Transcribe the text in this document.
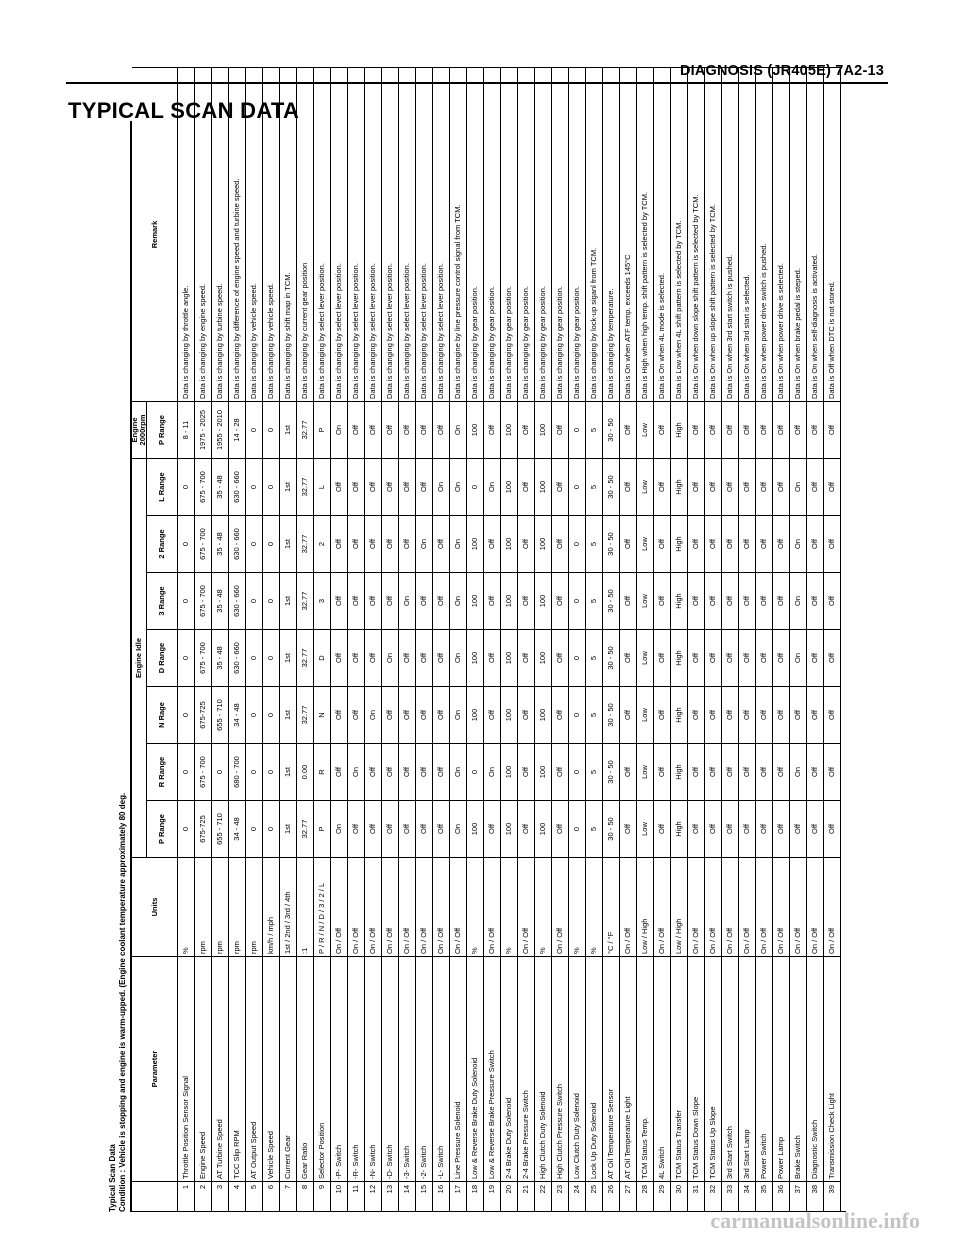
DIAGNOSIS (JR405E) 7A2-13
TYPICAL SCAN DATA
Typical Scan Data Condition : Vehicle is stopping and engine is warm-upped. (Engine coolant temperature approximately 80 deg.	Parameter
Units
Engine Idle
Engine 2000rpm
Remark
P Range
R Range
N Rage
D Range
3 Range
2 Range
L Range
P Range
1
Throttle Position Sensor Signal
%
0
0
0
0
0
0
0
8 - 11
Data is changing by throttle angle.
2
Engine Speed
rpm
675-725
675 - 700
675-725
675 - 700
675 - 700
675 - 700
675 - 700
1975 - 2025
Data is changing by engine speed.
3
AT Turbine Speed
rpm
655 - 710
0
655 - 710
35 - 48
35 - 48
35 - 48
35 - 48
1955 - 2010
Data is changing by turbine speed.
4
TCC Slip RPM
rpm
34 - 48
680 - 700
34 - 48
630 - 660
630 - 660
630 - 660
630 - 660
14 - 28
Data is changing by difference of engine speed and turbine speed.
5
AT Output Speed
rpm
0
0
0
0
0
0
0
0
Data is changing by vehicle speed.
6
Vehicle Speed
km/h / mph
0
0
0
0
0
0
0
0
Data is changing by vehicle speed.
7
Current Gear
1st / 2nd / 3rd / 4th
1st
1st
1st
1st
1st
1st
1st
1st
Data is changing by shift map in TCM.
8
Gear Ratio
:1
32.77
0.00
32.77
32.77
32.77
32.77
32.77
32.77
Data is changing by current gear position
9
Selector Position
P / R / N / D / 3 / 2 / L
P
R
N
D
3
2
L
P
Data is changing by select lever position.
10
-P- Switch
On / Off
On
Off
Off
Off
Off
Off
Off
On
Data is changing by select lever position.
11
-R- Switch
On / Off
Off
On
Off
Off
Off
Off
Off
Off
Data is changing by select lever position.
12
-N- Switch
On / Off
Off
Off
On
Off
Off
Off
Off
Off
Data is changing by select lever position.
13
-D- Switch
On / Off
Off
Off
Off
On
Off
Off
Off
Off
Data is changing by select lever position.
14
-3- Switch
On / Off
Off
Off
Off
Off
On
Off
Off
Off
Data is changing by select lever position.
15
-2- Switch
On / Off
Off
Off
Off
Off
Off
On
Off
Off
Data is changing by select lever position.
16
-L- Switch
On / Off
Off
Off
Off
Off
Off
Off
On
Off
Data is changing by select lever position.
17
Line Pressure Solenoid
On / Off
On
On
On
On
On
On
On
On
Data is changine by line pressure control signal from TCM.
18
Low & Reverse Brake Duty Solenoid
%
100
0
100
100
100
100
0
100
Data is changing by gear position.
19
Low & Reverse Brake Pressure Switch
On / Off
Off
On
Off
Off
Off
Off
On
Off
Data is changing by gear position.
20
2-4 Brake Duty Solenoid
%
100
100
100
100
100
100
100
100
Data is changing by gear position.
21
2-4 Brake Pressure Switch
On / Off
Off
Off
Off
Off
Off
Off
Off
Off
Data is changing by gear position.
22
High Clutch Duty Solenoid
%
100
100
100
100
100
100
100
100
Data is changing by gear position.
23
High Clutch Pressure Switch
On / Off
Off
Off
Off
Off
Off
Off
Off
Off
Data is changing by gear position.
24
Low Clutch Duty Solenoid
%
0
0
0
0
0
0
0
0
Data is changing by gear position.
25
Lock Up Duty Solenoid
%
5
5
5
5
5
5
5
5
Data is changing by lock-up siganl from TCM.
26
AT Oil Temperature Sensor
°C / °F
30 - 50
30 - 50
30 - 50
30 - 50
30 - 50
30 - 50
30 - 50
30 - 50
Data is changing by temperature.
27
AT Oil Temperature Light
On / Off
Off
Off
Off
Off
Off
Off
Off
Off
Data is On when ATF temp. exceeds 145°C
28
TCM Status Temp.
Low / High
Low
Low
Low
Low
Low
Low
Low
Low
Data is High when high temp. shift pattern is selected by TCM.
29
4L Switch
On / Off
Off
Off
Off
Off
Off
Off
Off
Off
Data is On when 4L mode is selected.
30
TCM Status Transfer
Low / High
High
High
High
High
High
High
High
High
Data is Low when 4L shift pattern is selected by TCM.
31
TCM Status Down Slope
On / Off
Off
Off
Off
Off
Off
Off
Off
Off
Data is On when down slope shift pattern is selected by TCM.
32
TCM Status Up Slope
On / Off
Off
Off
Off
Off
Off
Off
Off
Off
Data is On when up slope shift pattern is selected by TCM.
33
3rd Start Switch
On / Off
Off
Off
Off
Off
Off
Off
Off
Off
Data is On when 3rd start switch is pushed.
34
3rd Start Lamp
On / Off
Off
Off
Off
Off
Off
Off
Off
Off
Data is On when 3rd start is selected.
35
Power Switch
On / Off
Off
Off
Off
Off
Off
Off
Off
Off
Data is On when power drive switch is pushed.
36
Power Lamp
On / Off
Off
Off
Off
Off
Off
Off
Off
Off
Data is On when power drive is selected.
37
Brake Switch
On / Off
Off
On
Off
On
On
On
On
Off
Data is On when brake pedal is steped.
38
Diagnostic Switch
On / Off
Off
Off
Off
Off
Off
Off
Off
Off
Data is On when self-diagnosis is activated.
39
Transmission Check Light
On / Off
Off
Off
Off
Off
Off
Off
Off
Off
Data is Off when DTC is not stored.
carmanualsonline.info
